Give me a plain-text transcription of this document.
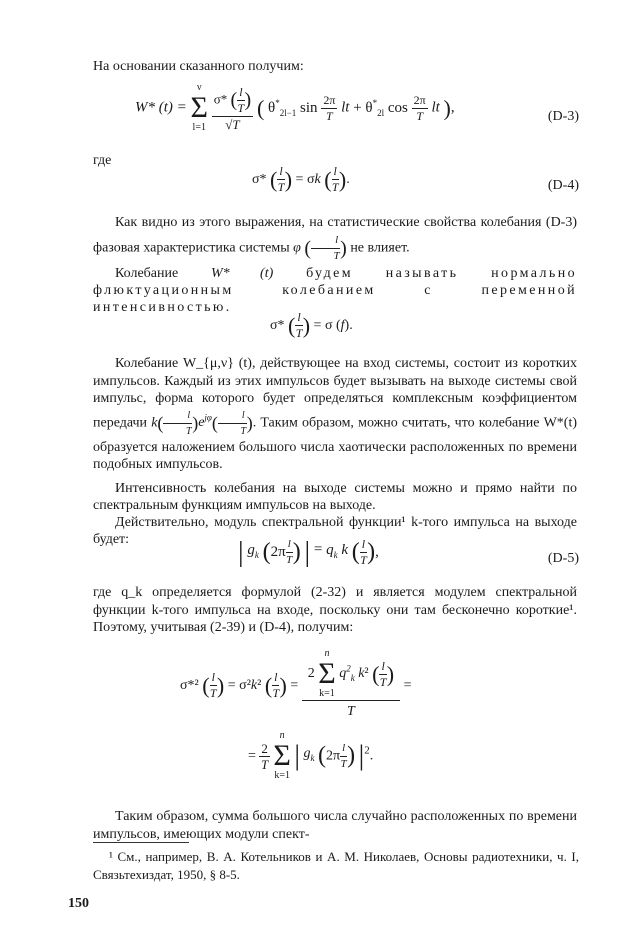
На основании сказанного получим:
W* (t) =
ν
Σ
l=1
$\frac{\sigma* ( \frac{l}{T} )}{√T}$ ( $\theta^*_{2l-1}$ $\sin \frac{2\pi}{T}$ lt + $\theta^*_{2l}$ $\cos \frac{2\pi}{T}$ lt ),
(D-3)
где
σ* ( $\frac{l}{T}$ ) = σk ( $\frac{l}{T}$ ).	(D-4)
Как видно из этого выражения, на статистические свойства колебания (D-3) фазовая характеристика системы φ ( $\frac{l}{T}$ ) не влияет.
Колебание W* (t) будем называть нормально флюктуационным колебанием с переменной интенсивностью.
σ* ( $\frac{l}{T}$ ) = σ (f).
Колебание W_{μ,ν} (t), действующее на вход системы, состоит из коротких импульсов. Каждый из этих импульсов будет вызывать на выходе системы свой импульс, форма которого будет определяться комплексным коэффициентом передачи $k( \frac{l}{T} )e^{j\varphi}( \frac{l}{T}$ ). Таким образом, можно считать, что колебание W*(t) образуется наложением большого числа хаотически расположенных по времени подобных импульсов.
Интенсивность колебания на выходе системы можно и прямо найти по спектральным функциям импульсов на выходе.
Действительно, модуль спектральной функции¹ k-того импульса на выходе будет:	| $g_k$ ($2\pi \frac{l}{T}$ ) | = $q_k$ k ( $\frac{l}{T}$ ),	(D-5)
где q_k определяется формулой (2-32) и является модулем спектральной функции k-того импульса на входе, поскольку они там бесконечно короткие¹. Поэтому, учитывая (2-39) и (D-4), получим:
σ*² ( $\frac{l}{T}$ ) = σ²k² ( $\frac{l}{T}$ ) = 2
n
Σ
k=1
$q^2_k$ k² ( $\frac{l}{T}$ )
T =
= $\frac{2}{T}$

n
Σ
k=1
| $g_k$ ($2\pi \frac{l}{T}$ ) $|^2$.
Таким образом, сумма большого числа случайно расположенных по времени импульсов, имеющих модули спект-
¹ См., например, В. А. Котельников и А. М. Николаев, Основы радиотехники, ч. I, Связьтехиздат, 1950, § 8-5.
150
